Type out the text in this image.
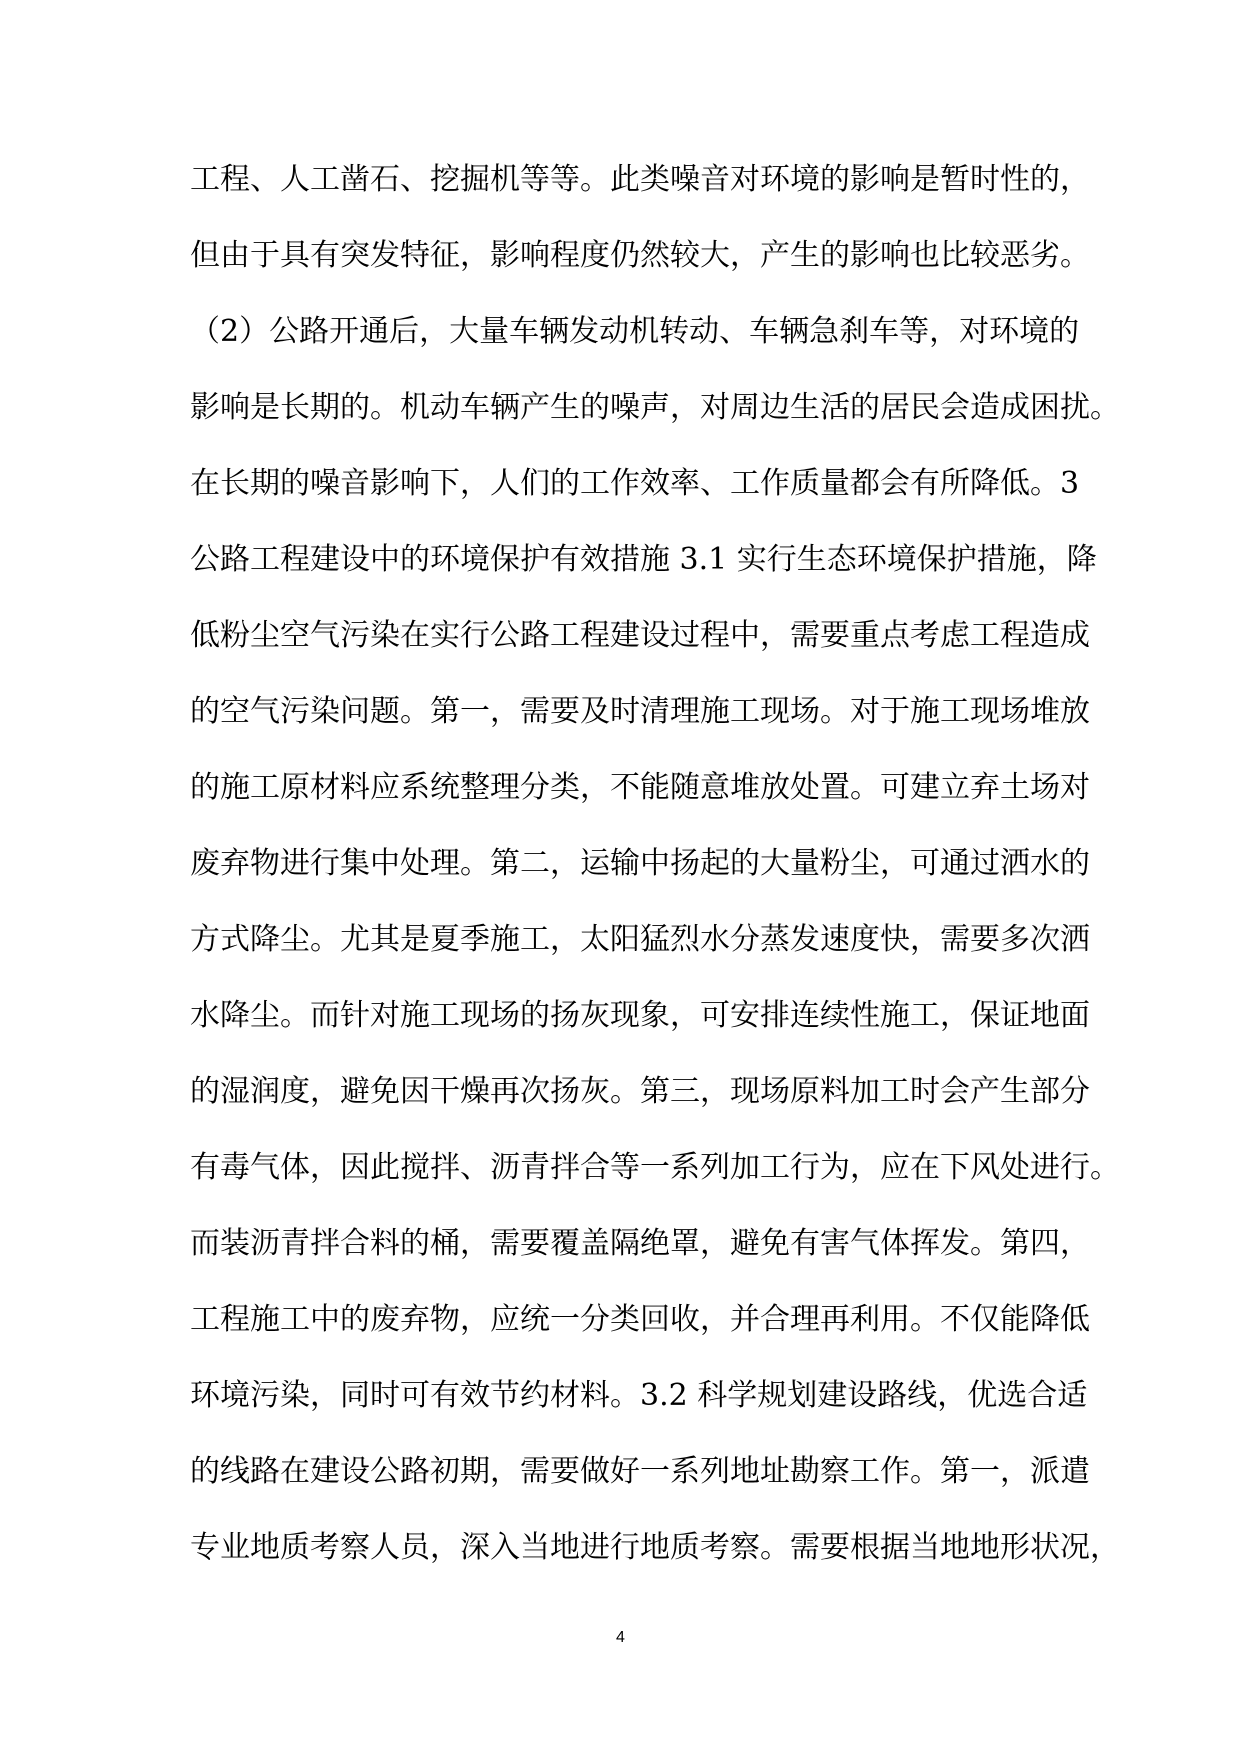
工程、人工凿石、挖掘机等等。此类噪音对环境的影响是暂时性的，
但由于具有突发特征，影响程度仍然较大，产生的影响也比较恶劣。
（2）公路开通后，大量车辆发动机转动、车辆急刹车等，对环境的
影响是长期的。机动车辆产生的噪声，对周边生活的居民会造成困扰。
在长期的噪音影响下，人们的工作效率、工作质量都会有所降低。3
公路工程建设中的环境保护有效措施 3.1 实行生态环境保护措施，降
低粉尘空气污染在实行公路工程建设过程中，需要重点考虑工程造成
的空气污染问题。第一，需要及时清理施工现场。对于施工现场堆放
的施工原材料应系统整理分类，不能随意堆放处置。可建立弃土场对
废弃物进行集中处理。第二，运输中扬起的大量粉尘，可通过洒水的
方式降尘。尤其是夏季施工，太阳猛烈水分蒸发速度快，需要多次洒
水降尘。而针对施工现场的扬灰现象，可安排连续性施工，保证地面
的湿润度，避免因干燥再次扬灰。第三，现场原料加工时会产生部分
有毒气体，因此搅拌、沥青拌合等一系列加工行为，应在下风处进行。
而装沥青拌合料的桶，需要覆盖隔绝罩，避免有害气体挥发。第四，
工程施工中的废弃物，应统一分类回收，并合理再利用。不仅能降低
环境污染，同时可有效节约材料。3.2 科学规划建设路线，优选合适
的线路在建设公路初期，需要做好一系列地址勘察工作。第一，派遣
专业地质考察人员，深入当地进行地质考察。需要根据当地地形状况，
4
